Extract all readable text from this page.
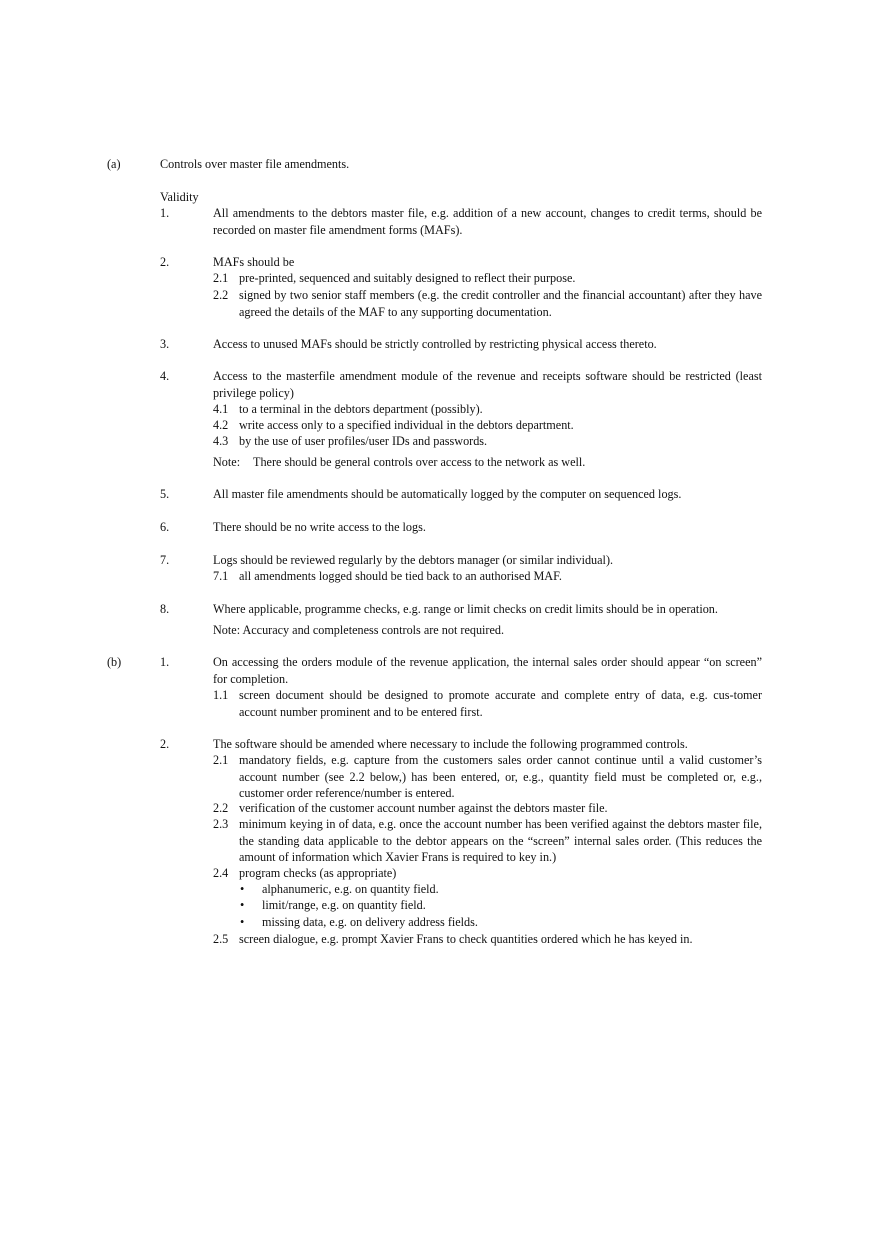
(a)	Controls over master file amendments.
Validity
1.	All amendments to the debtors master file, e.g. addition of a new account, changes to credit terms, should be recorded on master file amendment forms (MAFs).
2.	MAFs should be
2.1 pre-printed, sequenced and suitably designed to reflect their purpose.
2.2 signed by two senior staff members (e.g. the credit controller and the financial accountant) after they have agreed the details of the MAF to any supporting documentation.
3.	Access to unused MAFs should be strictly controlled by restricting physical access thereto.
4.	Access to the masterfile amendment module of the revenue and receipts software should be restricted (least privilege policy)
4.1 to a terminal in the debtors department (possibly).
4.2 write access only to a specified individual in the debtors department.
4.3 by the use of user profiles/user IDs and passwords.
Note: There should be general controls over access to the network as well.
5.	All master file amendments should be automatically logged by the computer on sequenced logs.
6.	There should be no write access to the logs.
7.	Logs should be reviewed regularly by the debtors manager (or similar individual).
7.1 all amendments logged should be tied back to an authorised MAF.
8.	Where applicable, programme checks, e.g. range or limit checks on credit limits should be in operation.
Note: Accuracy and completeness controls are not required.
(b)	1.	On accessing the orders module of the revenue application, the internal sales order should appear “on screen” for completion.
1.1 screen document should be designed to promote accurate and complete entry of data, e.g. cus-tomer account number prominent and to be entered first.
2.	The software should be amended where necessary to include the following programmed controls.
2.1 mandatory fields, e.g. capture from the customers sales order cannot continue until a valid customer’s account number (see 2.2 below,) has been entered, or, e.g., quantity field must be completed or, e.g., customer order reference/number is entered.
2.2 verification of the customer account number against the debtors master file.
2.3 minimum keying in of data, e.g. once the account number has been verified against the debtors master file, the standing data applicable to the debtor appears on the “screen” internal sales order. (This reduces the amount of information which Xavier Frans is required to key in.)
2.4 program checks (as appropriate)
• alphanumeric, e.g. on quantity field.
• limit/range, e.g. on quantity field.
• missing data, e.g. on delivery address fields.
2.5 screen dialogue, e.g. prompt Xavier Frans to check quantities ordered which he has keyed in.
